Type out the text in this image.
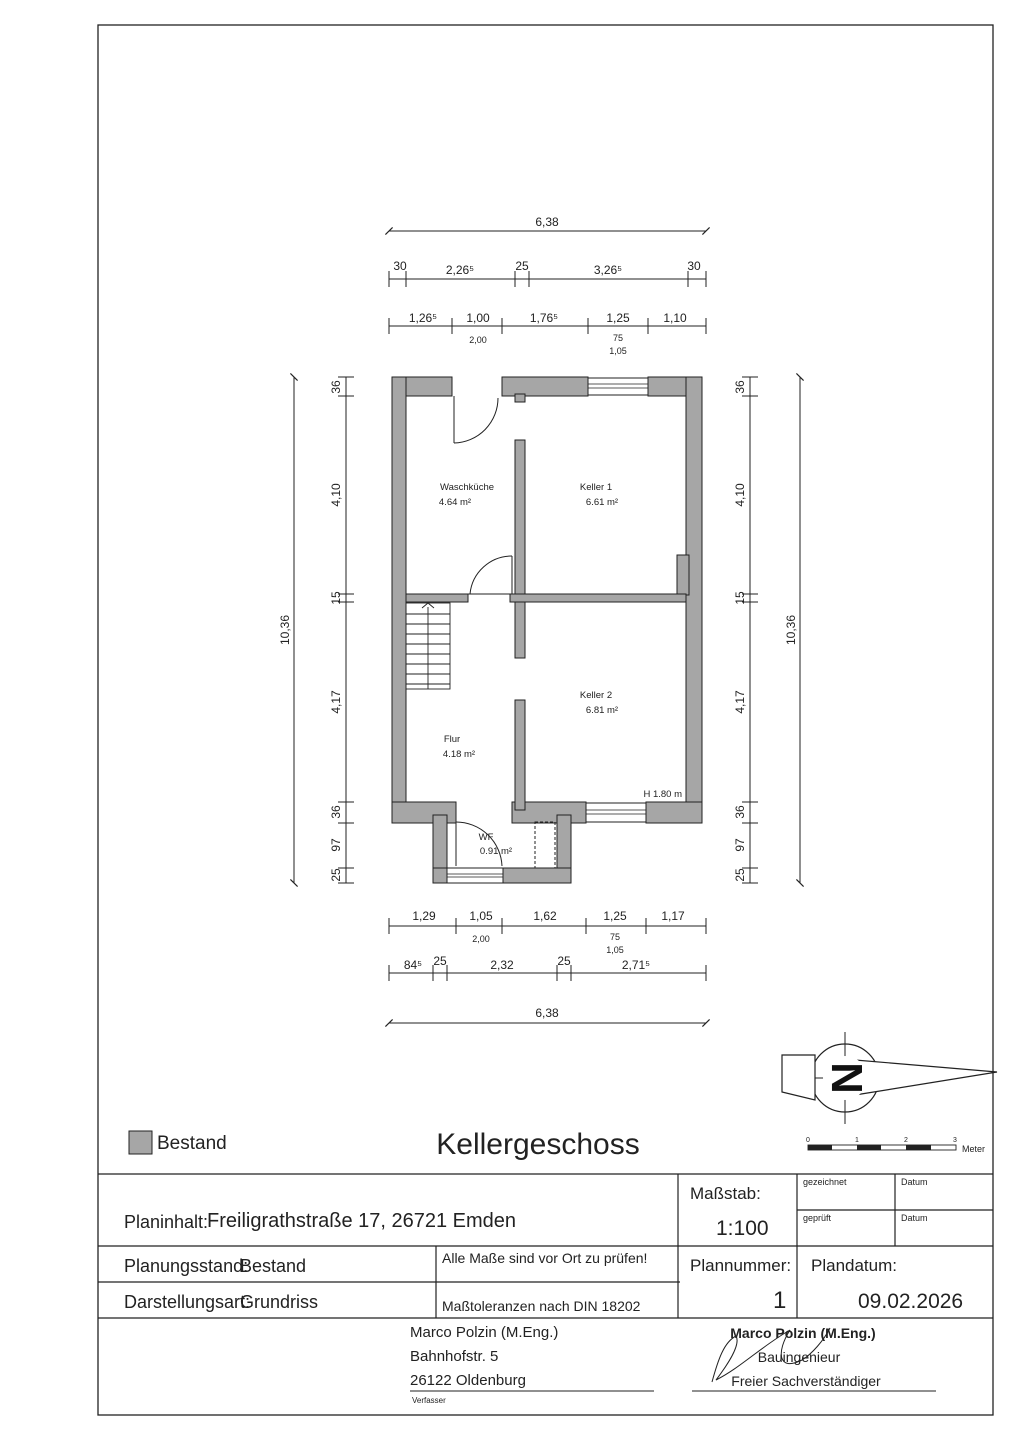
Waschküche
4.64 m²
Keller 1
6.61 m²
Keller 2
6.81 m²
Flur
4.18 m²
WF
0.91 m²
H 1.80 m
6,38
30	2,26⁵	25	3,26⁵	30
1,26⁵ 1,00	1,76⁵	1,25	1,10
2,00	75
1,05
1,29	1,05	1,62	1,25	1,17
2,00	75
1,05
84⁵ 25	2,32	25	2,71⁵
6,38
10,36
36
4,10
15
4,17
36
97
25
10,36
36
4,10
15
4,17
36
97
25
N
0	1	2	3
Meter
Bestand	Kellergeschoss
Planinhalt:
Freiligrathstraße 17, 26721 Emden
Maßstab:
1:100
gezeichnet	Datum
geprüft	Datum
Planungsstand:
Bestand	Alle Maße sind vor Ort zu prüfen!	Plannummer:
1
Plandatum:
09.02.2026
Darstellungsart:
Grundriss	Maßtoleranzen nach DIN 18202
Marco Polzin (M.Eng.)
Bahnhofstr. 5
26122 Oldenburg
Verfasser
Marco Polzin (M.Eng.)
Bauingenieur
Freier Sachverständiger
